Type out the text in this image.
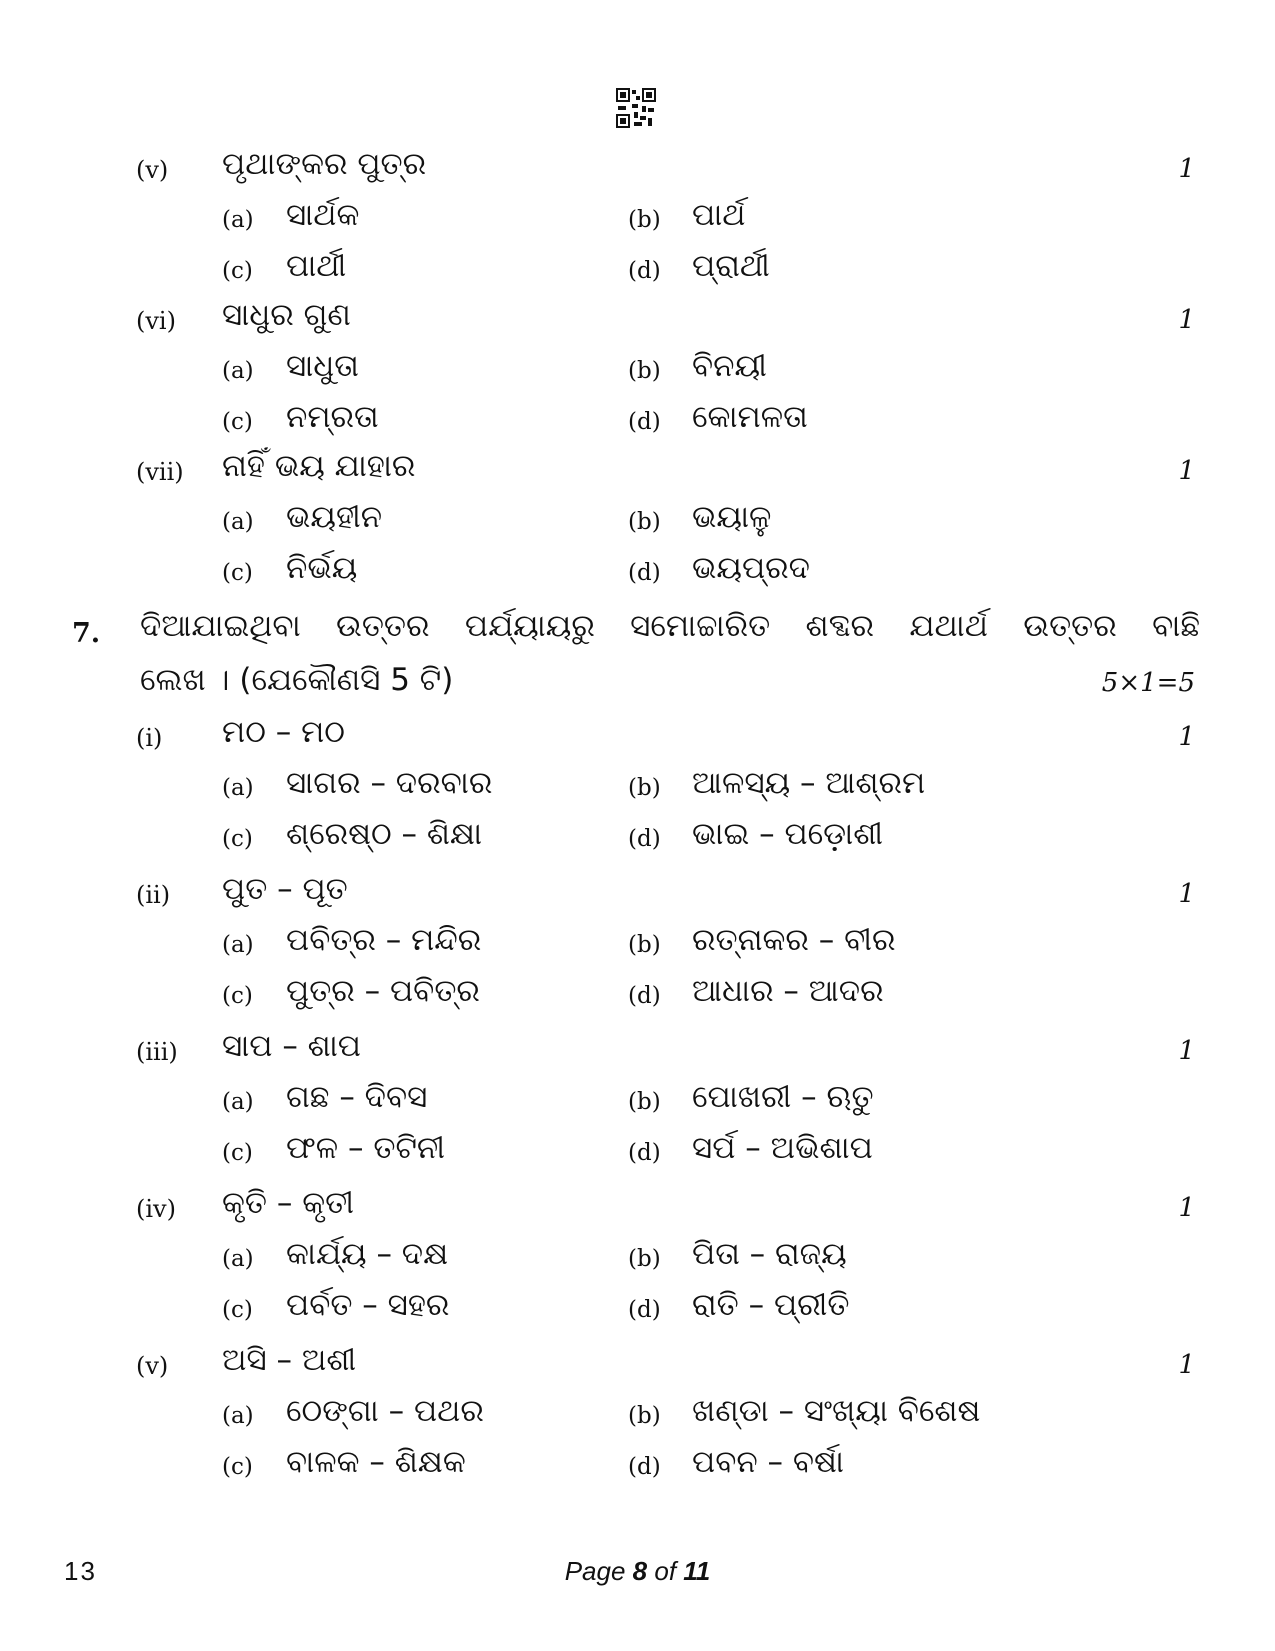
(v) ପୃଥାଙ୍କର ପୁତ୍ର	1
(a) ସାର୍ଥକ	(b) ପାର୍ଥ
(c) ପାର୍ଥୀ	(d) ପ୍ରାର୍ଥୀ
(vi) ସାଧୁର ଗୁଣ	1
(a) ସାଧୁତା	(b) ବିନୟୀ
(c) ନମ୍ରତା	(d) କୋମଳତା
(vii) ନାହିଁ ଭୟ ଯାହାର	1
(a) ଭୟହୀନ	(b) ଭୟାଳୁ
(c) ନିର୍ଭୟ	(d) ଭୟପ୍ରଦ
7. ଦିଆଯାଇଥିବା ଉତ୍ତର ପର୍ଯ୍ୟାୟରୁ ସମୋଚ୍ଚାରିତ ଶବ୍ଦର ଯଥାର୍ଥ ଉତ୍ତର ବାଛି
ଲେଖ । (ଯେକୌଣସି 5 ଟି)	5×1=5
(i) ମଠ – ମଠ	1
(a) ସାଗର – ଦରବାର	(b) ଆଳସ୍ୟ – ଆଶ୍ରମ
(c) ଶ୍ରେଷ୍ଠ – ଶିକ୍ଷା	(d) ଭାଇ – ପଡ଼ୋଶୀ
(ii) ପୁତ – ପୂତ	1
(a) ପବିତ୍ର – ମନ୍ଦିର	(b) ରତ୍ନାକର – ବୀର
(c) ପୁତ୍ର – ପବିତ୍ର	(d) ଆଧାର – ଆଦର
(iii) ସାପ – ଶାପ	1
(a) ଗଛ – ଦିବସ	(b) ପୋଖରୀ – ଋତୁ
(c) ଫଳ – ତଟିନୀ	(d) ସର୍ପ – ଅଭିଶାପ
(iv) କୃତି – କୃତୀ	1
(a) କାର୍ଯ୍ୟ – ଦକ୍ଷ	(b) ପିତା – ରାଜ୍ୟ
(c) ପର୍ବତ – ସହର	(d) ରାତି – ପ୍ରୀତି
(v) ଅସି – ଅଶୀ	1
(a) ଠେଙ୍ଗା – ପଥର	(b) ଖଣ୍ଡା – ସଂଖ୍ୟା ବିଶେଷ
(c) ବାଳକ – ଶିକ୍ଷକ	(d) ପବନ – ବର୍ଷା
13	Page 8 of 11
